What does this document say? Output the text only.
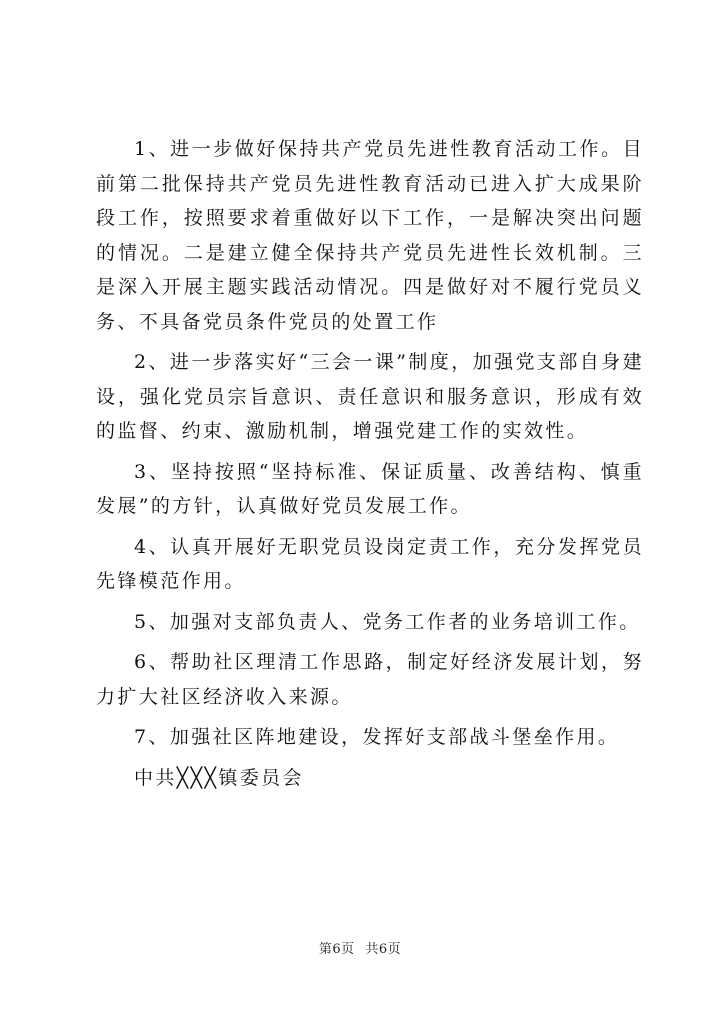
1、进一步做好保持共产党员先进性教育活动工作。目前第二批保持共产党员先进性教育活动已进入扩大成果阶段工作，按照要求着重做好以下工作，一是解决突出问题的情况。二是建立健全保持共产党员先进性长效机制。三是深入开展主题实践活动情况。四是做好对不履行党员义务、不具备党员条件党员的处置工作

2、进一步落实好“三会一课”制度，加强党支部自身建设，强化党员宗旨意识、责任意识和服务意识，形成有效的监督、约束、激励机制，增强党建工作的实效性。

3、坚持按照“坚持标准、保证质量、改善结构、慎重发展”的方针，认真做好党员发展工作。

4、认真开展好无职党员设岗定责工作，充分发挥党员先锋模范作用。

5、加强对支部负责人、党务工作者的业务培训工作。

6、帮助社区理清工作思路，制定好经济发展计划，努力扩大社区经济收入来源。

7、加强社区阵地建设，发挥好支部战斗堡垒作用。

中共╳╳╳镇委员会

第6页 共6页
